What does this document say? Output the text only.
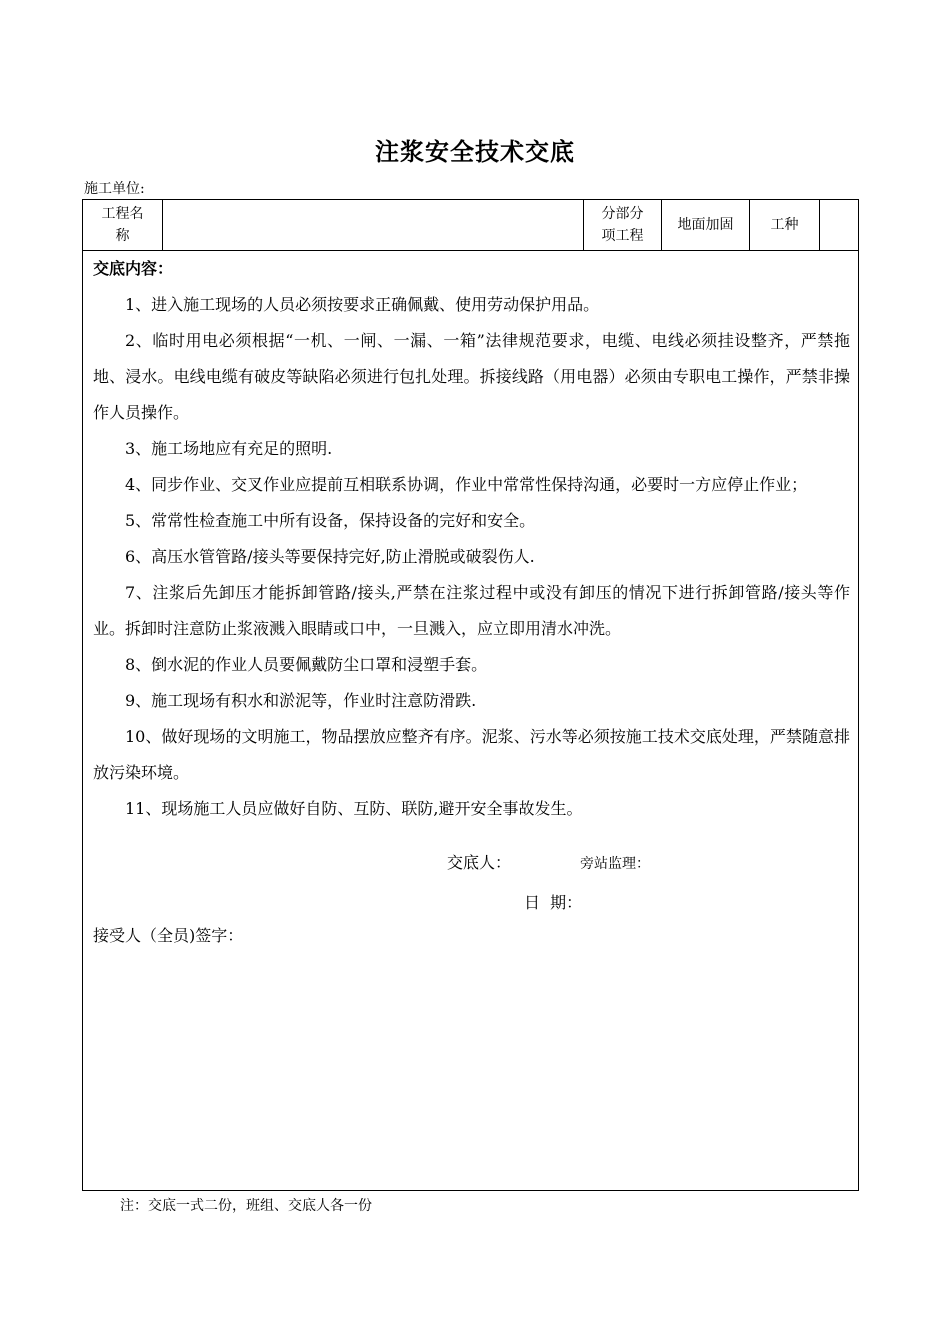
注浆安全技术交底
施工单位:
工程名
称
分部分
项工程
地面加固	工种
交底内容：

1、进入施工现场的人员必须按要求正确佩戴、使用劳动保护用品。

2、临时用电必须根据“一机、一闸、一漏、一箱”法律规范要求，电缆、电线必须挂设整齐，严禁拖地、浸水。电线电缆有破皮等缺陷必须进行包扎处理。拆接线路（用电器）必须由专职电工操作，严禁非操作人员操作。

3、施工场地应有充足的照明.

4、同步作业、交叉作业应提前互相联系协调，作业中常常性保持沟通，必要时一方应停止作业；

5、常常性检查施工中所有设备，保持设备的完好和安全。

6、高压水管管路/接头等要保持完好,防止滑脱或破裂伤人.

7、注浆后先卸压才能拆卸管路/接头,严禁在注浆过程中或没有卸压的情况下进行拆卸管路/接头等作业。拆卸时注意防止浆液溅入眼睛或口中，一旦溅入，应立即用清水冲洗。

8、倒水泥的作业人员要佩戴防尘口罩和浸塑手套。

9、施工现场有积水和淤泥等，作业时注意防滑跌.

10、做好现场的文明施工，物品摆放应整齐有序。泥浆、污水等必须按施工技术交底处理，严禁随意排放污染环境。

11、现场施工人员应做好自防、互防、联防,避开安全事故发生。

交底人：	旁站监理：
日  期：
接受人（全员)签字：
注：交底一式二份，班组、交底人各一份
